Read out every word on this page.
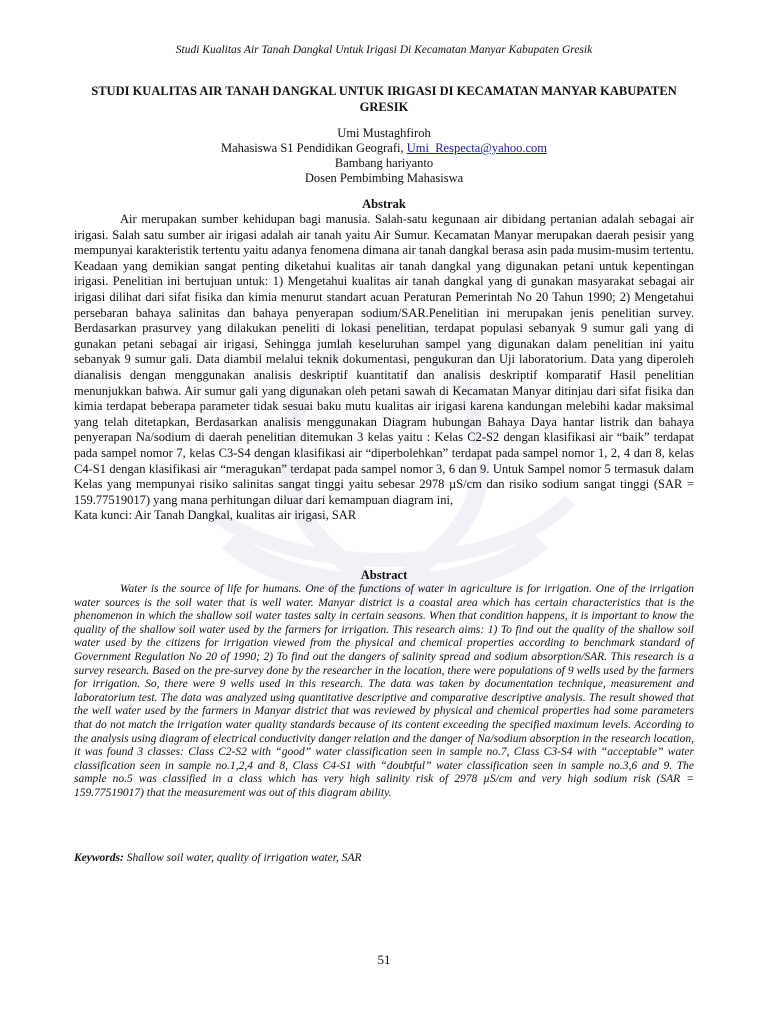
Studi Kualitas Air Tanah Dangkal Untuk Irigasi Di Kecamatan Manyar Kabupaten Gresik
STUDI KUALITAS AIR TANAH DANGKAL UNTUK IRIGASI DI KECAMATAN MANYAR KABUPATEN GRESIK
Umi Mustaghfiroh
Mahasiswa S1 Pendidikan Geografi, Umi_Respecta@yahoo.com
Bambang hariyanto
Dosen Pembimbing Mahasiswa
Abstrak

Air merupakan sumber kehidupan bagi manusia. Salah-satu kegunaan air dibidang pertanian adalah sebagai air irigasi. Salah satu sumber air irigasi adalah air tanah yaitu Air Sumur. Kecamatan Manyar merupakan daerah pesisir yang mempunyai karakteristik tertentu yaitu adanya fenomena dimana air tanah dangkal berasa asin pada musim-musim tertentu. Keadaan yang demikian sangat penting diketahui kualitas air tanah dangkal yang digunakan petani untuk kepentingan irigasi. Penelitian ini bertujuan untuk: 1) Mengetahui kualitas air tanah dangkal yang di gunakan masyarakat sebagai air irigasi dilihat dari sifat fisika dan kimia menurut standart acuan Peraturan Pemerintah No 20 Tahun 1990; 2) Mengetahui persebaran bahaya salinitas dan bahaya penyerapan sodium/SAR.Penelitian ini merupakan jenis penelitian survey. Berdasarkan prasurvey yang dilakukan peneliti di lokasi penelitian, terdapat populasi sebanyak 9 sumur gali yang di gunakan petani sebagai air irigasi, Sehingga jumlah keseluruhan sampel yang digunakan dalam penelitian ini yaitu sebanyak 9 sumur gali. Data diambil melalui teknik dokumentasi, pengukuran dan Uji laboratorium. Data yang diperoleh dianalisis dengan menggunakan analisis deskriptif kuantitatif dan analisis deskriptif komparatif Hasil penelitian menunjukkan bahwa. Air sumur gali yang digunakan oleh petani sawah di Kecamatan Manyar ditinjau dari sifat fisika dan kimia terdapat beberapa parameter tidak sesuai baku mutu kualitas air irigasi karena kandungan melebihi kadar maksimal yang telah ditetapkan, Berdasarkan analisis menggunakan Diagram hubungan Bahaya Daya hantar listrik dan bahaya penyerapan Na/sodium di daerah penelitian ditemukan 3 kelas yaitu : Kelas C2-S2 dengan klasifikasi air “baik” terdapat pada sampel nomor 7, kelas C3-S4 dengan klasifikasi air “diperbolehkan” terdapat pada sampel nomor 1, 2, 4 dan 8, kelas C4-S1 dengan klasifikasi air “meragukan” terdapat pada sampel nomor 3, 6 dan 9. Untuk Sampel nomor 5 termasuk dalam Kelas yang mempunyai risiko salinitas sangat tinggi yaitu sebesar 2978 µS/cm dan risiko sodium sangat tinggi (SAR = 159.77519017) yang mana perhitungan diluar dari kemampuan diagram ini,
Kata kunci: Air Tanah Dangkal, kualitas air irigasi, SAR

Abstract

Water is the source of life for humans. One of the functions of water in agriculture is for irrigation. One of the irrigation water sources is the soil water that is well water. Manyar district is a coastal area which has certain characteristics that is the phenomenon in which the shallow soil water tastes salty in certain seasons. When that condition happens, it is important to know the quality of the shallow soil water used by the farmers for irrigation. This research aims: 1) To find out the quality of the shallow soil water used by the citizens for irrigation viewed from the physical and chemical properties according to benchmark standard of Government Regulation No 20 of 1990; 2) To find out the dangers of salinity spread and sodium absorption/SAR. This research is a survey research. Based on the pre-survey done by the researcher in the location, there were populations of 9 wells used by the farmers for irrigation. So, there were 9 wells used in this research. The data was taken by documentation technique, measurement and laboratorium test. The data was analyzed using quantitative descriptive and comparative descriptive analysis. The result showed that the well water used by the farmers in Manyar district that was reviewed by physical and chemical properties had some parameters that do not match the irrigation water quality standards because of its content exceeding the specified maximum levels. According to the analysis using diagram of electrical conductivity danger relation and the danger of Na/sodium absorption in the research location, it was found 3 classes: Class C2-S2 with “good” water classification seen in sample no.7, Class C3-S4 with “acceptable” water classification seen in sample no.1,2,4 and 8, Class C4-S1 with “doubtful” water classification seen in sample no.3,6 and 9. The sample no.5 was classified in a class which has very high salinity risk of 2978 µS/cm and very high sodium risk (SAR = 159.77519017) that the measurement was out of this diagram ability.

Keywords: Shallow soil water, quality of irrigation water, SAR
51
